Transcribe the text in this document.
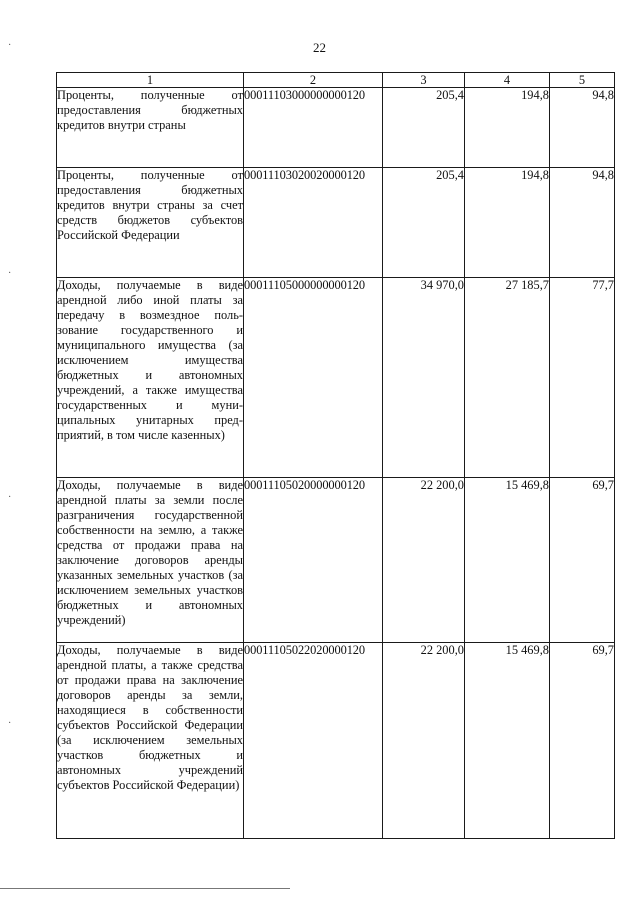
22
·
·
·
·
1	2	3	4	5
Проценты, полученные от предоставления бюджетных кредитов внутри страны	00011103000000000120	205,4	194,8	94,8
Проценты, полученные от предоставления бюджетных кредитов внутри страны за счет средств бюджетов субъектов Российской Федерации	00011103020020000120	205,4	194,8	94,8
Доходы, получаемые в виде арендной либо иной платы за передачу в возмездное пользование государственного и муниципального имущества (за исключением имущества бюджетных и автономных учреждений, а также имущества государственных и муниципальных унитарных предприятий, в том числе казенных)	00011105000000000120	34 970,0	27 185,7	77,7
Доходы, получаемые в виде арендной платы за земли после разграничения государственной собственности на землю, а также средства от продажи права на заключение договоров аренды указанных земельных участков (за исключением земельных участков бюджетных и автономных учреждений)	00011105020000000120	22 200,0	15 469,8	69,7
Доходы, получаемые в виде арендной платы, а также средства от продажи права на заключение договоров аренды за земли, находящиеся в собственности субъектов Российской Федерации (за исключением земельных участков бюджетных и автономных учреждений субъектов Российской Федерации)	00011105022020000120	22 200,0	15 469,8	69,7
